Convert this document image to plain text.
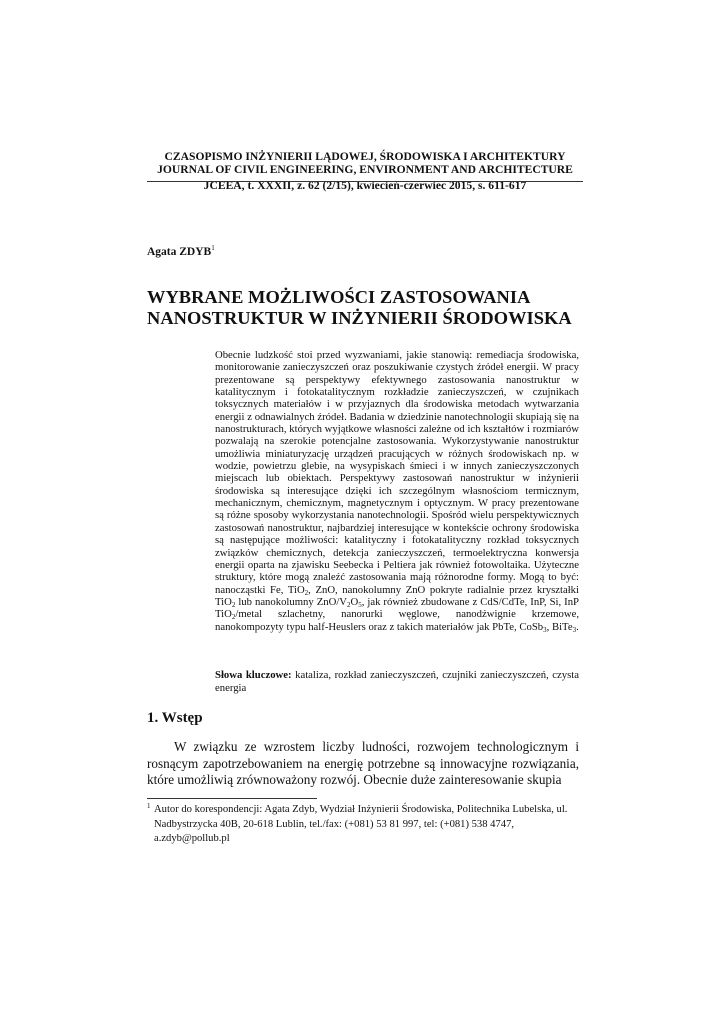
CZASOPISMO INŻYNIERII LĄDOWEJ, ŚRODOWISKA I ARCHITEKTURY
JOURNAL OF CIVIL ENGINEERING, ENVIRONMENT AND ARCHITECTURE
JCEEA, t. XXXII, z. 62 (2/15), kwiecień-czerwiec 2015, s. 611-617
Agata ZDYB$^1$
WYBRANE MOŻLIWOŚCI ZASTOSOWANIA
NANOSTRUKTUR W INŻYNIERII ŚRODOWISKA
Obecnie ludzkość stoi przed wyzwaniami, jakie stanowią: remediacja środowiska, monitorowanie zanieczyszczeń oraz poszukiwanie czystych źródeł energii. W pracy prezentowane są perspektywy efektywnego zastosowania nanostruktur w katalitycznym i fotokatalitycznym rozkładzie zanieczyszczeń, w czujnikach toksycznych materiałów i w przyjaznych dla środowiska metodach wytwarzania energii z odnawialnych źródeł. Badania w dziedzinie nanotechnologii skupiają się na nanostrukturach, których wyjątkowe własności zależne od ich kształtów i rozmiarów pozwalają na szerokie potencjalne zastosowania. Wykorzystywanie nanostruktur umożliwia miniaturyzację urządzeń pracujących w różnych środowiskach np. w wodzie, powietrzu glebie, na wysypiskach śmieci i w innych zanieczyszczonych miejscach lub obiektach. Perspektywy zastosowań nanostruktur w inżynierii środowiska są interesujące dzięki ich szczególnym własnościom termicznym, mechanicznym, chemicznym, magnetycznym i optycznym. W pracy prezentowane są różne sposoby wykorzystania nanotechnologii. Spośród wielu perspektywicznych zastosowań nanostruktur, najbardziej interesujące w kontekście ochrony środowiska są następujące możliwości: katalityczny i fotokatalityczny rozkład toksycznych związków chemicznych, detekcja zanieczyszczeń, termoelektryczna konwersja energii oparta na zjawisku Seebecka i Peltiera jak również fotowoltaika. Użyteczne struktury, które mogą znaleźć zastosowania mają różnorodne formy. Mogą to być: nanocząstki Fe, TiO$_2$, ZnO, nanokolumny ZnO pokryte radialnie przez kryształki TiO$_2$ lub nanokolumny ZnO/$V_2O_5$, jak również zbudowane z CdS/CdTe, InP, Si, InP TiO$_2$/metal szlachetny, nanorurki węglowe, nanodźwignie krzemowe, nanokompozyty typu half-Heuslers oraz z takich materiałów jak PbTe, CoSb$_3$, BiTe$_3$.
Słowa kluczowe: kataliza, rozkład zanieczyszczeń, czujniki zanieczyszczeń, czysta energia
1. Wstęp
W związku ze wzrostem liczby ludności, rozwojem technologicznym i rosnącym zapotrzebowaniem na energię potrzebne są innowacyjne rozwiązania, które umożliwią zrównoważony rozwój. Obecnie duże zainteresowanie skupia
$^1$ Autor do korespondencji: Agata Zdyb, Wydział Inżynierii Środowiska, Politechnika Lubelska, ul. Nadbystrzycka 40B, 20-618 Lublin, tel./fax: (+081) 53 81 997, tel: (+081) 538 4747, a.zdyb@pollub.pl
